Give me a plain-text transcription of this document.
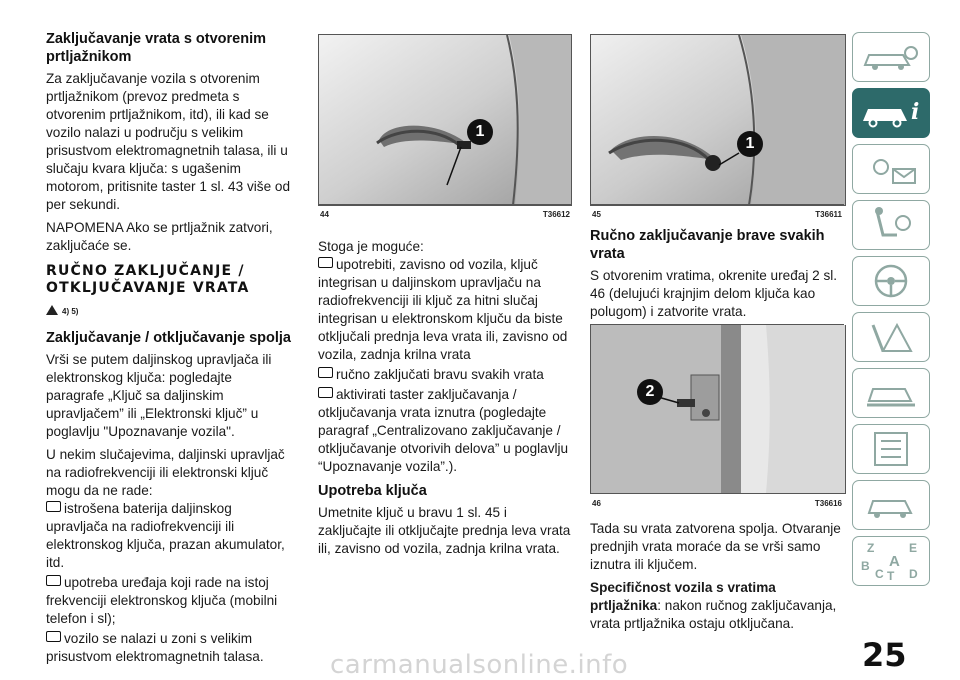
Zaključavanje vrata s otvorenim prtljažnikom

Za zaključavanje vozila s otvorenim prtljažnikom (prevoz predmeta s otvorenim prtljažnikom, itd), ili kad se vozilo nalazi u području s velikim prisustvom elektromagnetnih talasa, ili u slučaju kvara ključa: s ugašenim motorom, pritisnite taster 1 sl. 43 više od per sekundi.

NAPOMENA Ako se prtljažnik zatvori, zaključaće se.

RUČNO ZAKLJUČANJE / OTKLJUČAVANJE VRATA
4) 5)
Zaključavanje / otključavanje spolja

Vrši se putem daljinskog upravljača ili elektronskog ključa: pogledajte paragrafe „Ključ sa daljinskim upravljačem” ili „Elektronski ključ” u poglavlju "Upoznavanje vozila".

U nekim slučajevima, daljinski upravljač na radiofrekvenciji ili elektronski ključ mogu da ne rade:

istrošena baterija daljinskog upravljača na radiofrekvenciji ili elektronskog ključa, prazan akumulator, itd.
upotreba uređaja koji rade na istoj frekvenciji elektronskog ključa (mobilni telefon i sl);
vozilo se nalazi u zoni s velikim prisustvom elektromagnetnih talasa.
1
44	T36612

Stoga je moguće:

upotrebiti, zavisno od vozila, ključ integrisan u daljinskom upravljaču na radiofrekvenciji ili ključ za hitni slučaj integrisan u elektronskom ključu da biste otključali prednja leva vrata ili, zavisno od vozila, zadnja krilna vrata
ručno zaključati bravu svakih vrata
aktivirati taster zaključavanja / otključavanja vrata iznutra (pogledajte paragraf „Centralizovano zaključavanje / otključavanje otvorivih delova” u poglavlju “Upoznavanje vozila”.).
Upotreba ključa

Umetnite ključ u bravu 1 sl. 45 i zaključajte ili otključajte prednja leva vrata ili, zavisno od vozila, zadnja krilna vrata.

1
45	T36611
Ručno zaključavanje brave svakih vrata

S otvorenim vratima, okrenite uređaj 2 sl. 46 (delujući krajnjim delom ključa kao polugom) i zatvorite vrata.

2
46	T36616

Tada su vrata zatvorena spolja. Otvaranje prednjih vrata moraće da se vrši samo iznutra ili ključem.

Specifičnost vozila s vratima prtljažnika: nakon ručnog zaključavanja, vrata prtljažnika ostaju otključana.

i
Z	E
A
B
C T D
25
carmanualsonline.info
